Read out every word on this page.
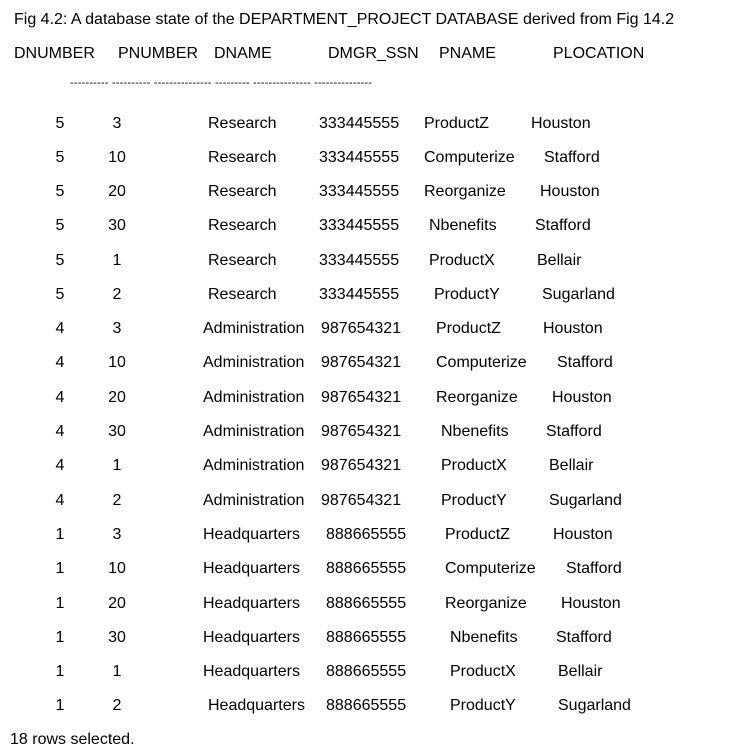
Fig 4.2: A database state of the DEPARTMENT_PROJECT DATABASE derived from Fig 14.2
DNUMBER PNUMBER DNAME	DMGR_SSN PNAME	PLOCATION
---------- ---------- --------------- --------- --------------- ---------------
5	3	Research	333445555 ProductZ	Houston
5	10	Research	333445555 Computerize Stafford
5	20	Research	333445555 Reorganize Houston
5	30	Research	333445555 Nbenefits Stafford
5	1	Research	333445555 ProductX	Bellair
5	2	Research	333445555 ProductY	Sugarland
4	3	Administration 987654321 ProductZ	Houston
4	10	Administration 987654321 Computerize Stafford
4	20	Administration 987654321 Reorganize Houston
4	30	Administration 987654321 Nbenefits Stafford
4	1	Administration 987654321 ProductX	Bellair
4	2	Administration 987654321 ProductY	Sugarland
1	3	Headquarters 888665555 ProductZ	Houston
1	10	Headquarters 888665555 Computerize Stafford
1	20	Headquarters 888665555 Reorganize Houston
1	30	Headquarters 888665555	Nbenefits Stafford
1	1	Headquarters 888665555	ProductX	Bellair
1	2	Headquarters 888665555	ProductY	Sugarland
18 rows selected.
